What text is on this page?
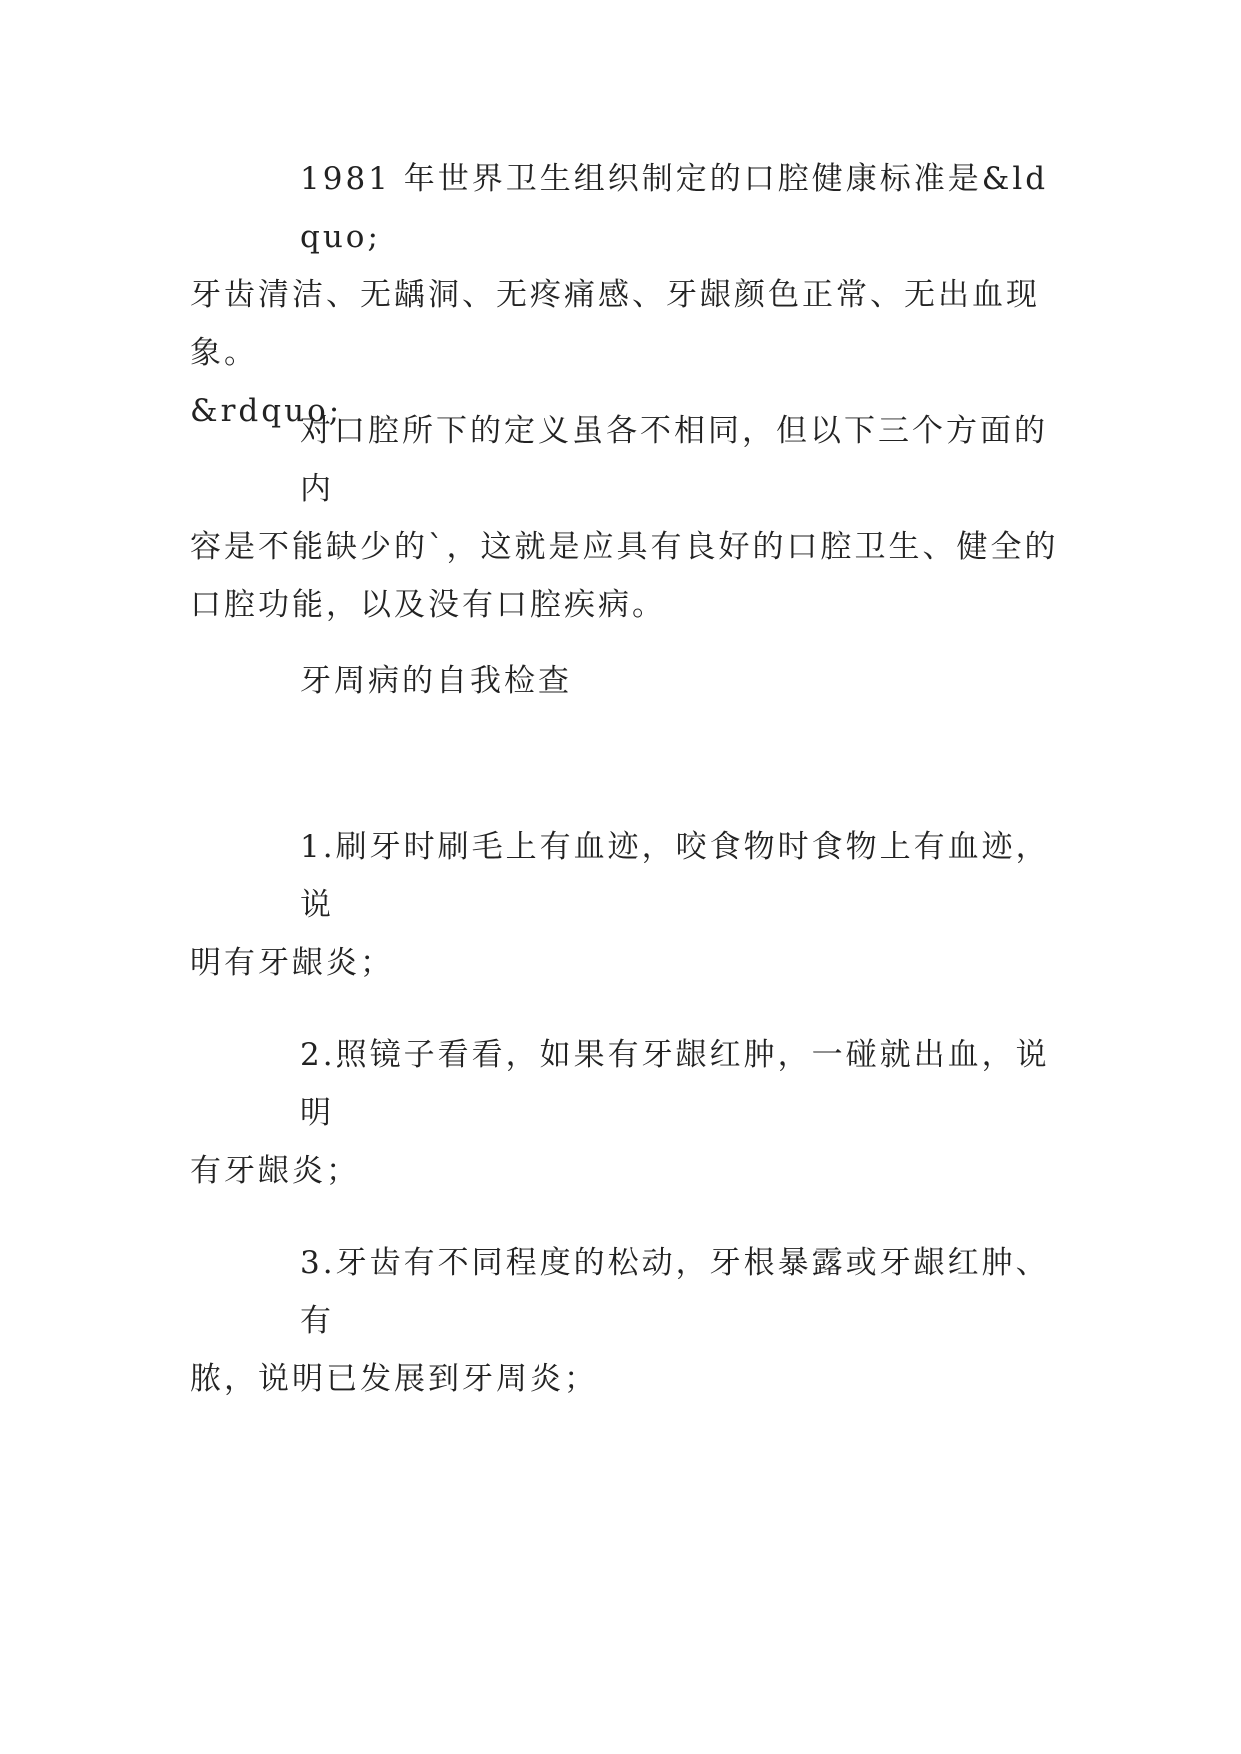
1981 年世界卫生组织制定的口腔健康标准是&ldquo;
牙齿清洁、无龋洞、无疼痛感、牙龈颜色正常、无出血现象。
&rdquo;

对口腔所下的定义虽各不相同，但以下三个方面的内
容是不能缺少的`，这就是应具有良好的口腔卫生、健全的
口腔功能，以及没有口腔疾病。

牙周病的自我检查

1.刷牙时刷毛上有血迹，咬食物时食物上有血迹，说
明有牙龈炎；

2.照镜子看看，如果有牙龈红肿，一碰就出血，说明
有牙龈炎；

3.牙齿有不同程度的松动，牙根暴露或牙龈红肿、有
脓，说明已发展到牙周炎；
